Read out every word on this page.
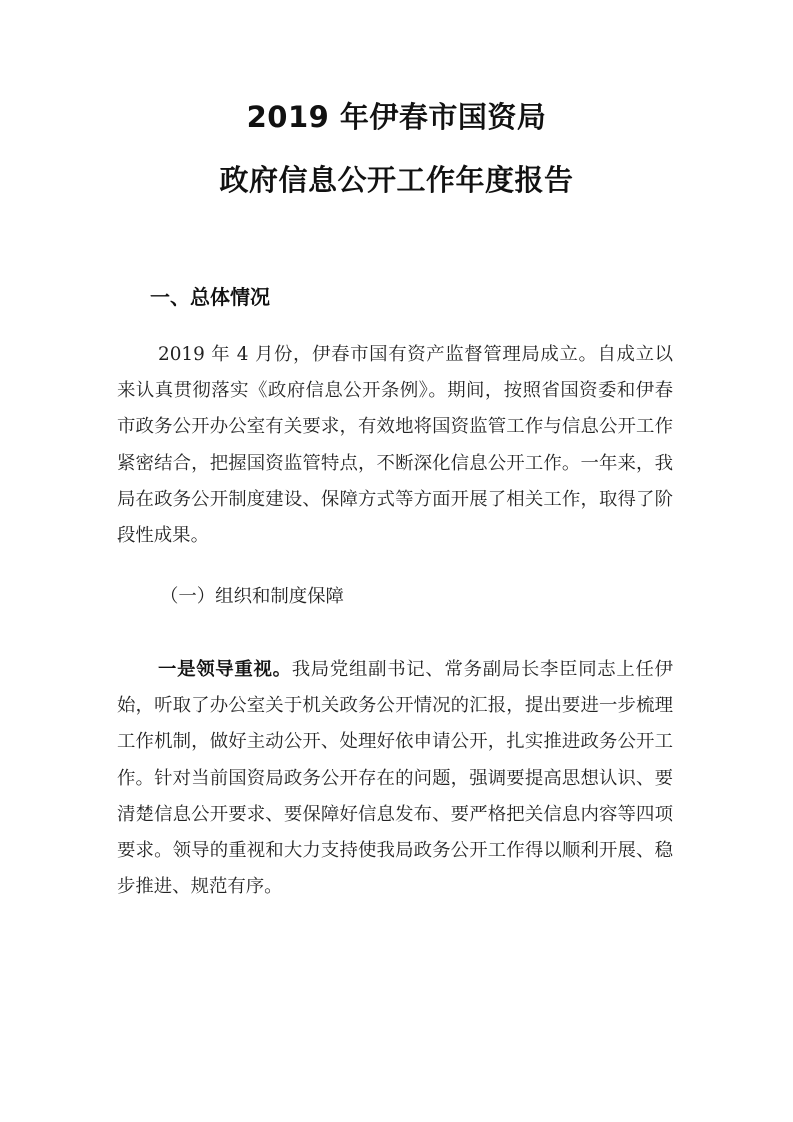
2019 年伊春市国资局
政府信息公开工作年度报告
一、总体情况

2019 年 4 月份，伊春市国有资产监督管理局成立。自成立以来认真贯彻落实《政府信息公开条例》。期间，按照省国资委和伊春市政务公开办公室有关要求，有效地将国资监管工作与信息公开工作紧密结合，把握国资监管特点，不断深化信息公开工作。一年来，我局在政务公开制度建设、保障方式等方面开展了相关工作，取得了阶段性成果。

（一）组织和制度保障

一是领导重视。我局党组副书记、常务副局长李臣同志上任伊始，听取了办公室关于机关政务公开情况的汇报，提出要进一步梳理工作机制，做好主动公开、处理好依申请公开，扎实推进政务公开工作。针对当前国资局政务公开存在的问题，强调要提高思想认识、要清楚信息公开要求、要保障好信息发布、要严格把关信息内容等四项要求。领导的重视和大力支持使我局政务公开工作得以顺利开展、稳步推进、规范有序。
